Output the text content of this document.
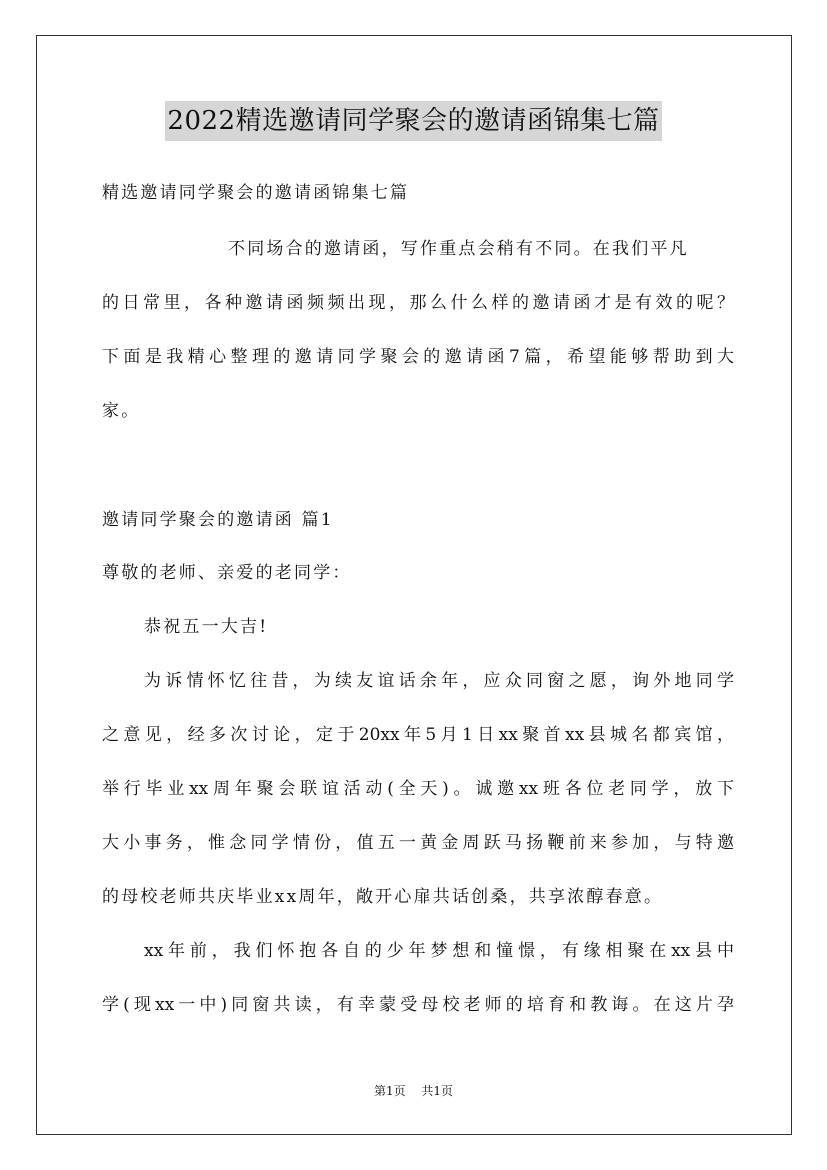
2022精选邀请同学聚会的邀请函锦集七篇
精选邀请同学聚会的邀请函锦集七篇
不同场合的邀请函，写作重点会稍有不同。在我们平凡
的日常里，各种邀请函频频出现，那么什么样的邀请函才是有效的呢？
下面是我精心整理的邀请同学聚会的邀请函7篇，希望能够帮助到大
家。
邀请同学聚会的邀请函 篇1
尊敬的老师、亲爱的老同学：
恭祝五一大吉!
为诉情怀忆往昔，为续友谊话余年，应众同窗之愿，询外地同学
之意见，经多次讨论，定于20xx年5月1日xx聚首xx县城名都宾馆，
举行毕业xx周年聚会联谊活动(全天)。诚邀xx班各位老同学，放下
大小事务，惟念同学情份，值五一黄金周跃马扬鞭前来参加，与特邀
的母校老师共庆毕业xx周年，敞开心扉共话创桑，共享浓醇春意。
xx年前，我们怀抱各自的少年梦想和憧憬，有缘相聚在xx县中
学(现xx一中)同窗共读，有幸蒙受母校老师的培育和教诲。在这片孕
第1页 共1页
